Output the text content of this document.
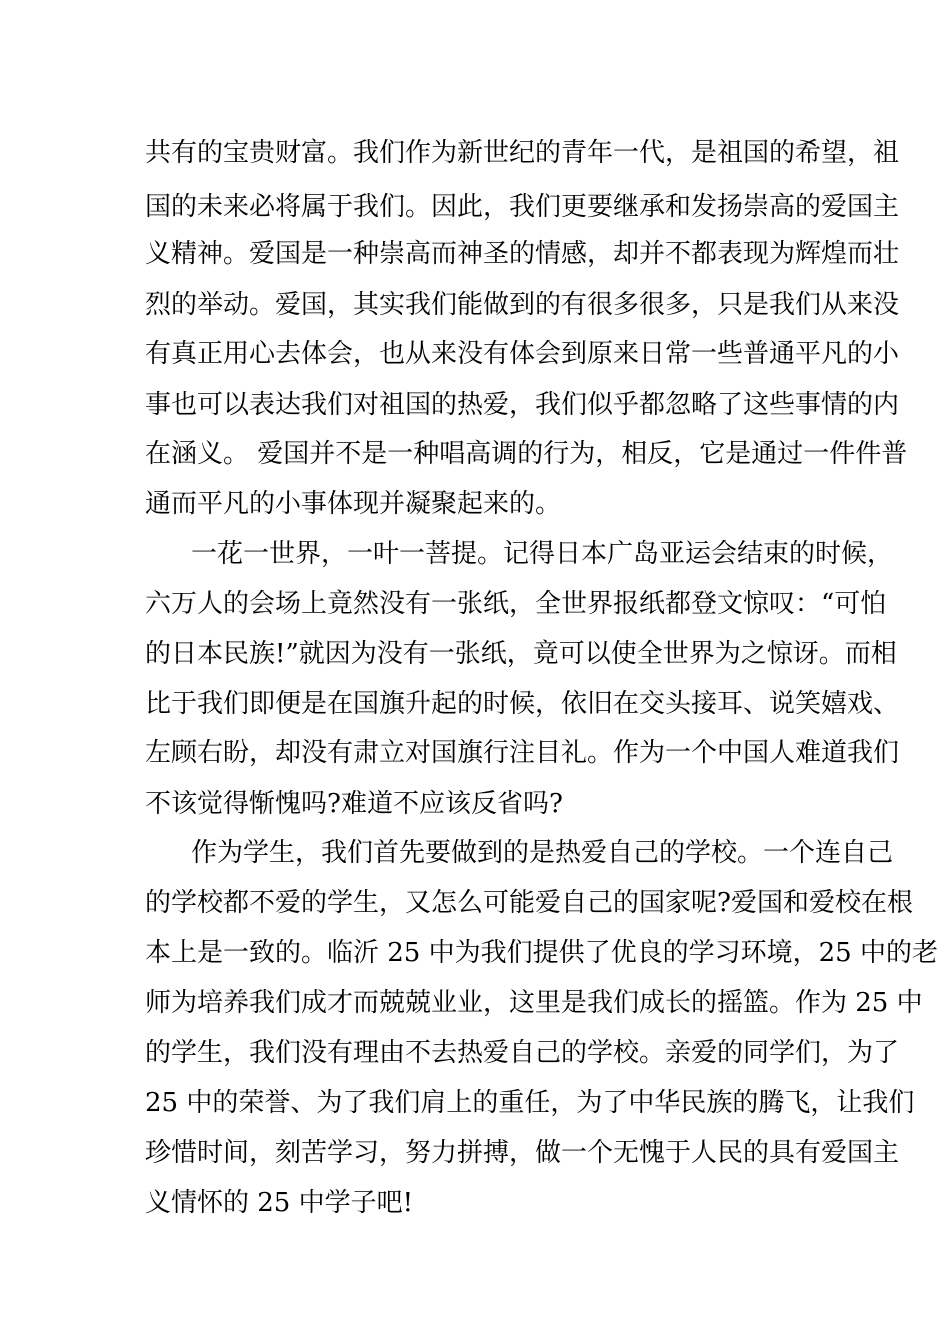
共有的宝贵财富。我们作为新世纪的青年一代，是祖国的希望，祖
国的未来必将属于我们。因此，我们更要继承和发扬崇高的爱国主
义精神。爱国是一种崇高而神圣的情感，却并不都表现为辉煌而壮
烈的举动。爱国，其实我们能做到的有很多很多，只是我们从来没
有真正用心去体会，也从来没有体会到原来日常一些普通平凡的小
事也可以表达我们对祖国的热爱，我们似乎都忽略了这些事情的内
在涵义。 爱国并不是一种唱高调的行为，相反，它是通过一件件普
通而平凡的小事体现并凝聚起来的。
一花一世界，一叶一菩提。记得日本广岛亚运会结束的时候，
六万人的会场上竟然没有一张纸，全世界报纸都登文惊叹：“可怕
的日本民族!”就因为没有一张纸，竟可以使全世界为之惊讶。而相
比于我们即便是在国旗升起的时候，依旧在交头接耳、说笑嬉戏、
左顾右盼，却没有肃立对国旗行注目礼。作为一个中国人难道我们
不该觉得惭愧吗?难道不应该反省吗?
作为学生，我们首先要做到的是热爱自己的学校。一个连自己
的学校都不爱的学生，又怎么可能爱自己的国家呢?爱国和爱校在根
本上是一致的。临沂 25 中为我们提供了优良的学习环境，25 中的老
师为培养我们成才而兢兢业业，这里是我们成长的摇篮。作为 25 中
的学生，我们没有理由不去热爱自己的学校。亲爱的同学们，为了
25 中的荣誉、为了我们肩上的重任，为了中华民族的腾飞，让我们
珍惜时间，刻苦学习，努力拼搏，做一个无愧于人民的具有爱国主
义情怀的 25 中学子吧!
